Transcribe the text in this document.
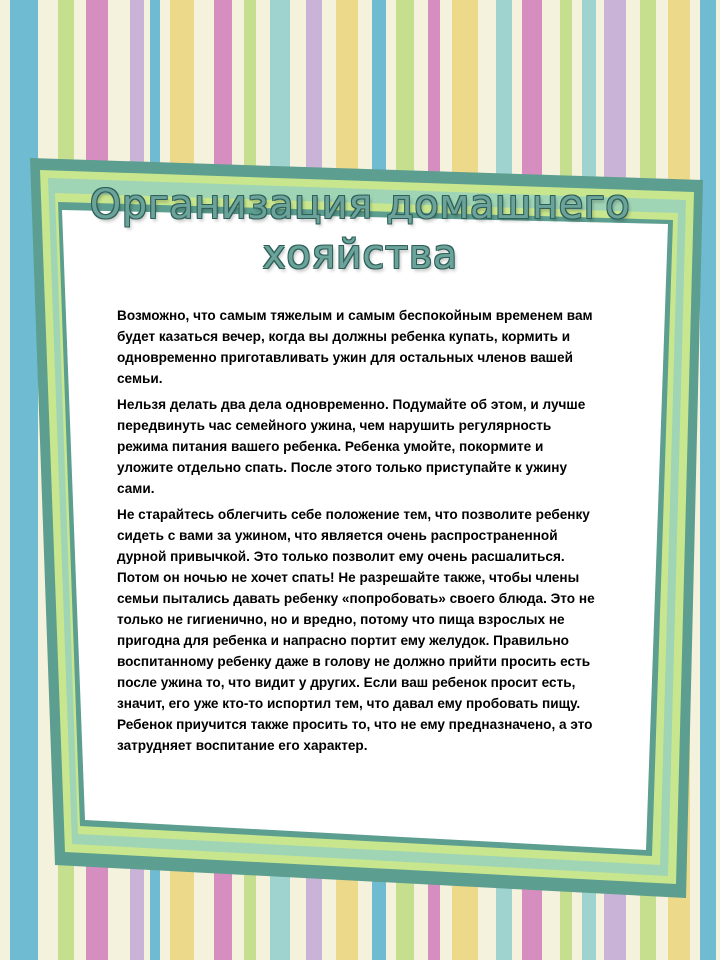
Организация домашнего хояйства

Возможно, что самым тяжелым и самым беспокойным временем вам будет казаться вечер, когда вы должны ребенка купать, кормить и одновременно приготавливать ужин для остальных членов вашей семьи.

Нельзя делать два дела одновременно. Подумайте об этом, и лучше передвинуть час семейного ужина, чем нарушить регулярность режима питания вашего ребенка. Ребенка умойте, покормите и уложите отдельно спать. После этого только приступайте к ужину сами.

Не старайтесь облегчить себе положение тем, что позволите ребенку сидеть с вами за ужином, что является очень распространенной дурной привычкой. Это только позволит ему очень расшалиться. Потом он ночью не хочет спать! Не разрешайте также, чтобы члены семьи пытались давать ребенку «попробовать» своего блюда. Это не только не гигиенично, но и вредно, потому что пища взрослых не пригодна для ребенка и напрасно портит ему желудок. Правильно воспитанному ребенку даже в голову не должно прийти просить есть после ужина то, что видит у других. Если ваш ребенок просит есть, значит, его уже кто-то испортил тем, что давал ему пробовать пищу. Ребенок приучится также просить то, что не ему предназначено, а это затрудняет воспитание его характер.
